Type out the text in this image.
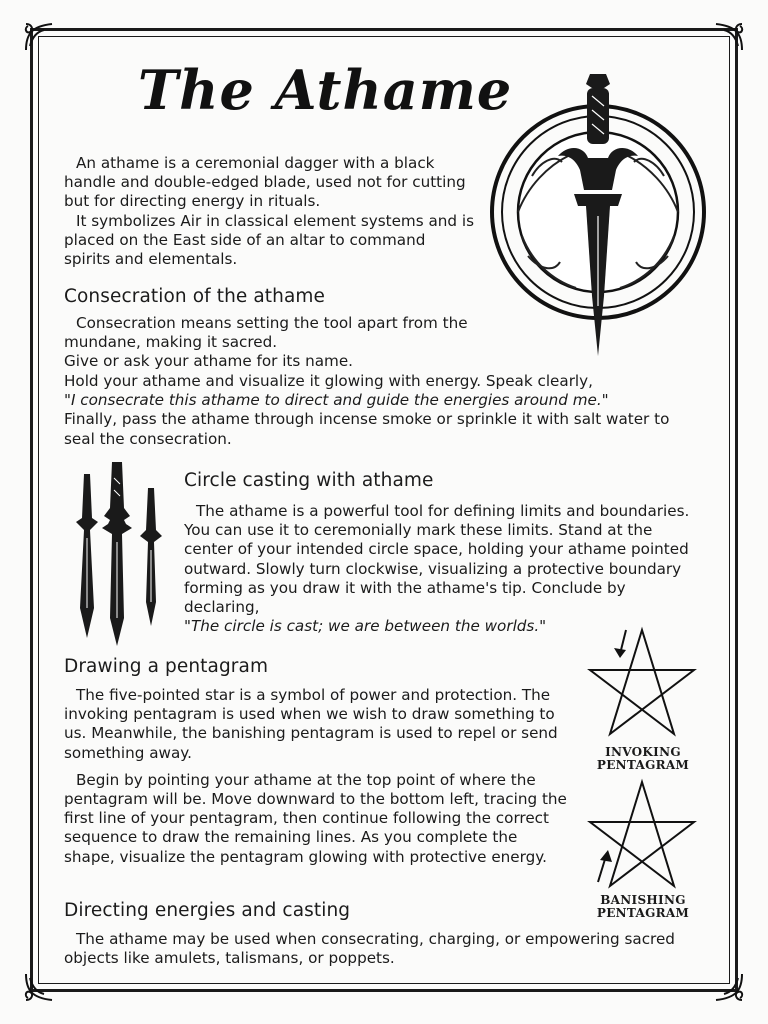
The Athame

An athame is a ceremonial dagger with a black handle and double-edged blade, used not for cutting but for directing energy in rituals.

It symbolizes Air in classical element systems and is placed on the East side of an altar to command spirits and elementals.

Consecration of the athame

Consecration means setting the tool apart from the mundane, making it sacred.

Give or ask your athame for its name.

Hold your athame and visualize it glowing with energy. Speak clearly,

"I consecrate this athame to direct and guide the energies around me."

Finally, pass the athame through incense smoke or sprinkle it with salt water to seal the consecration.

Circle casting with athame

The athame is a powerful tool for defining limits and boundaries. You can use it to ceremonially mark these limits. Stand at the center of your intended circle space, holding your athame pointed outward. Slowly turn clockwise, visualizing a protective boundary forming as you draw it with the athame's tip. Conclude by declaring,

"The circle is cast; we are between the worlds."

Drawing a pentagram

The five-pointed star is a symbol of power and protection. The invoking pentagram is used when we wish to draw something to us. Meanwhile, the banishing pentagram is used to repel or send something away.

Begin by pointing your athame at the top point of where the pentagram will be. Move downward to the bottom left, tracing the first line of your pentagram, then continue following the correct sequence to draw the remaining lines. As you complete the shape, visualize the pentagram glowing with protective energy.

INVOKING
PENTAGRAM
BANISHING
PENTAGRAM
Directing energies and casting

The athame may be used when consecrating, charging, or empowering sacred objects like amulets, talismans, or poppets.
